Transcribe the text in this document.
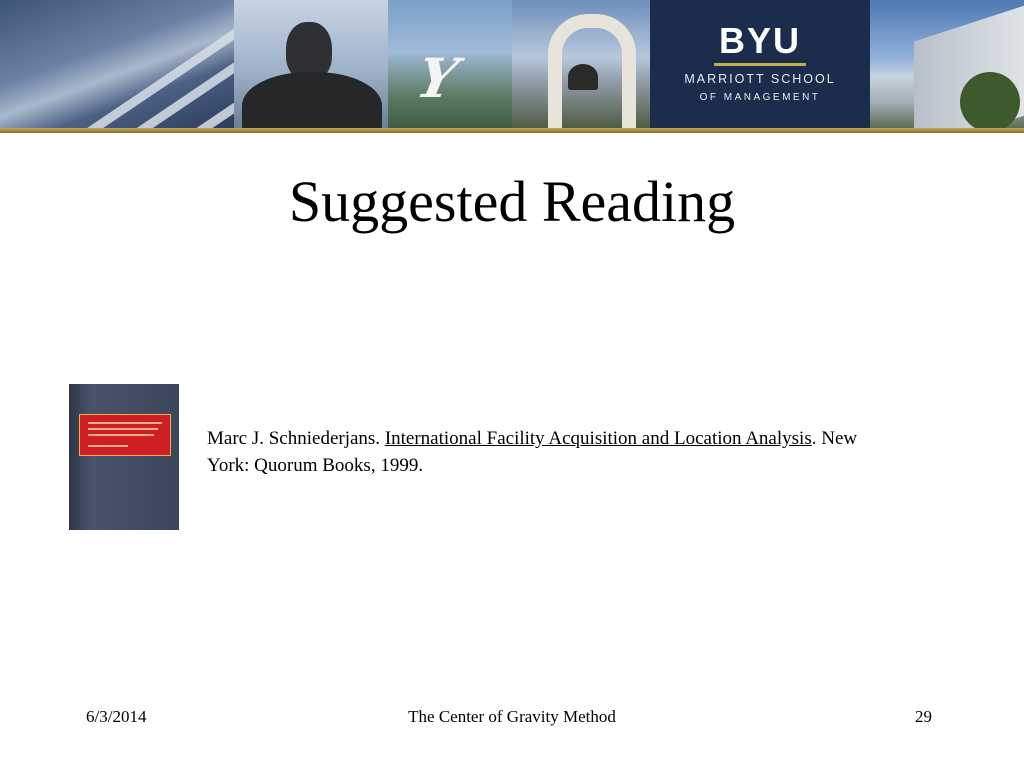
Y
BYU
MARRIOTT SCHOOL
OF MANAGEMENT
Suggested Reading
Marc J. Schniederjans. International Facility Acquisition and Location Analysis. New York: Quorum Books, 1999.
6/3/2014	The Center of Gravity Method	29
